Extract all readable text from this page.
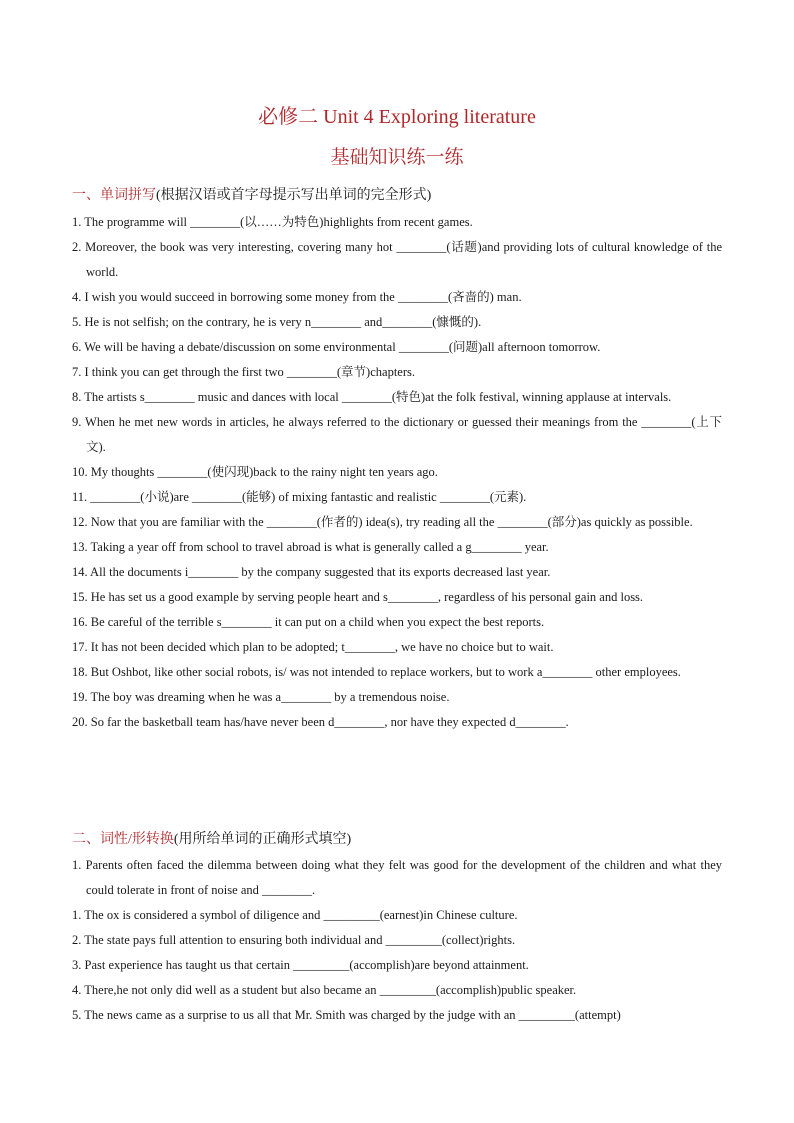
必修二 Unit 4 Exploring literature
基础知识练一练
一、单词拼写(根据汉语或首字母提示写出单词的完全形式)

1. The programme will ________(以……为特色)highlights from recent games.

2. Moreover, the book was very interesting, covering many hot ________(话题)and providing lots of cultural knowledge of the world.

4. I wish you would succeed in borrowing some money from the ________(吝啬的) man.

5. He is not selfish; on the contrary, he is very n________ and________(慷慨的).

6. We will be having a debate/discussion on some environmental ________(问题)all afternoon tomorrow.

7. I think you can get through the first two ________(章节)chapters.

8. The artists s________ music and dances with local ________(特色)at the folk festival, winning applause at intervals.

9. When he met new words in articles, he always referred to the dictionary or guessed their meanings from the ________(上下文).

10. My thoughts ________(使闪现)back to the rainy night ten years ago.

11. ________(小说)are ________(能够) of mixing fantastic and realistic ________(元素).

12. Now that you are familiar with the ________(作者的) idea(s), try reading all the ________(部分)as quickly as possible.

13. Taking a year off from school to travel abroad is what is generally called a g________ year.

14. All the documents i________ by the company suggested that its exports decreased last year.

15. He has set us a good example by serving people heart and s________, regardless of his personal gain and loss.

16. Be careful of the terrible s________ it can put on a child when you expect the best reports.

17. It has not been decided which plan to be adopted; t________, we have no choice but to wait.

18. But Oshbot, like other social robots, is/ was not intended to replace workers, but to work a________ other employees.

19. The boy was dreaming when he was a________ by a tremendous noise.

20. So far the basketball team has/have never been d________, nor have they expected d________.

二、词性/形转换(用所给单词的正确形式填空)

1. Parents often faced the dilemma between doing what they felt was good for the development of the children and what they could tolerate in front of noise and ________.

1. The ox is considered a symbol of diligence and _________(earnest)in Chinese culture.

2. The state pays full attention to ensuring both individual and _________(collect)rights.

3. Past experience has taught us that certain _________(accomplish)are beyond attainment.

4. There,he not only did well as a student but also became an _________(accomplish)public speaker.

5. The news came as a surprise to us all that Mr. Smith was charged by the judge with an _________(attempt)
